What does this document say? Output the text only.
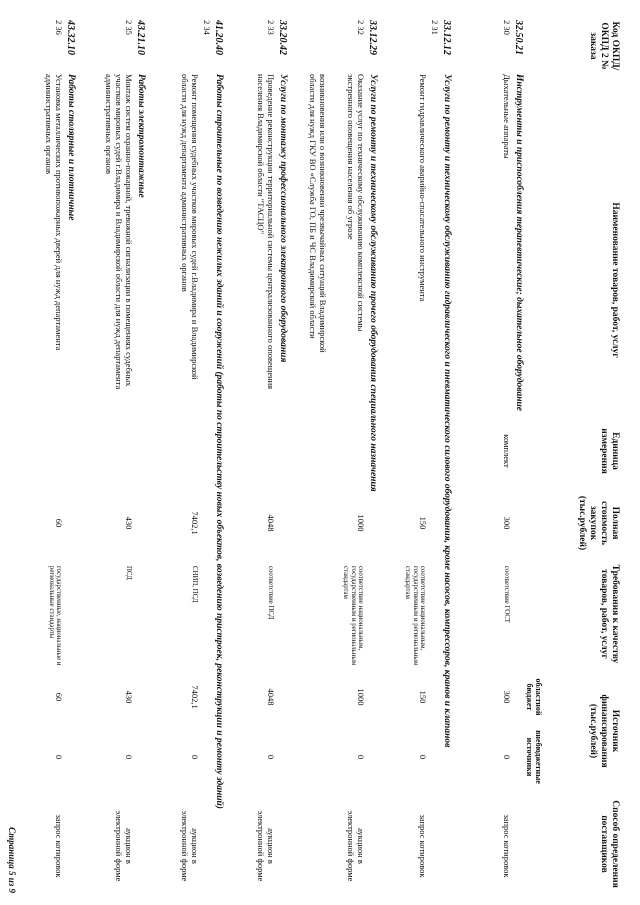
Код ОКПД/ ОКПД 2 № заказа
Наименование товаров, работ, услуг
Единица измерения
Полная стоимость закупок (тыс.рублей)
Требования к качеству товаров, работ, услуг
Источник финансирования (тыс.рублей)
областной бюджет
внебюджетные источники
Способ определения поставщиков
32.50.21
2 30
Инструменты и приспособления терапевтические; дыхательное оборудование
Дыхательные аппараты
комплект
300
соответствие ГОСТ
300
0
запрос котировок
33.12.12
2 31
Услуги по ремонту и техническому обслуживанию гидравлического и пневматического силового оборудования, кроме насосов, компрессоров, кранов и клапанов
Ремонт гидравлического аварийно-спасательного инструмента
150
соответствие национальным, государственным и региональным стандартам
150
0
запрос котировок
33.12.29
2 32
Услуги по ремонту и техническому обслуживанию прочего оборудования специального назначения
Оказание услуг по техническому обслуживанию комплексной системы экстренного оповещения населения об угрозе
возникновения или о возникновении чрезвычайных ситуаций Владимирской области для нужд ГКУ ВО «Служба ГО, ПБ и ЧС Владимирской области
1000
соответствие национальным, государственным и региональным стандартам
1000
0
аукцион в электронной форме
33.20.42
2 33
Услуги по монтажу профессионального электронного оборудования
Проведение реконструкции территориальной системы централизованного оповещения населения Владимирской области "ТАСЦО"
4048
соответствие ПСД
4048
0
аукцион в электронной форме
41.20.40
2 34
Работы строительные по возведению нежилых зданий и сооружений (работы по строительству новых объектов, возведению пристроек, реконструкции и ремонту зданий)
Ремонт помещения судебных участков мировых судей г.Владимира и Владимирской области для нужд департамента административных органов
7402,1
СНИП, ПСД
7402,1
0
аукцион в электронной форме
43.21.10
2 35
Работы электромонтажные
Монтаж систем охранно-пожарной, тревожной сигнализации в помещениях судебных участков мировых судей г.Владимира и Владимирской области для нужд департамента административных органов
430
ПСД
430
0
аукцион в электронной форме
43.32.10
2 36
Работы столярные и плотничные
Установка металлических противопожарных дверей для нужд департамента административных органов
60
государственные, национальные и региональные стандарты
60
0
запрос котировок
Страница 5 из 9
